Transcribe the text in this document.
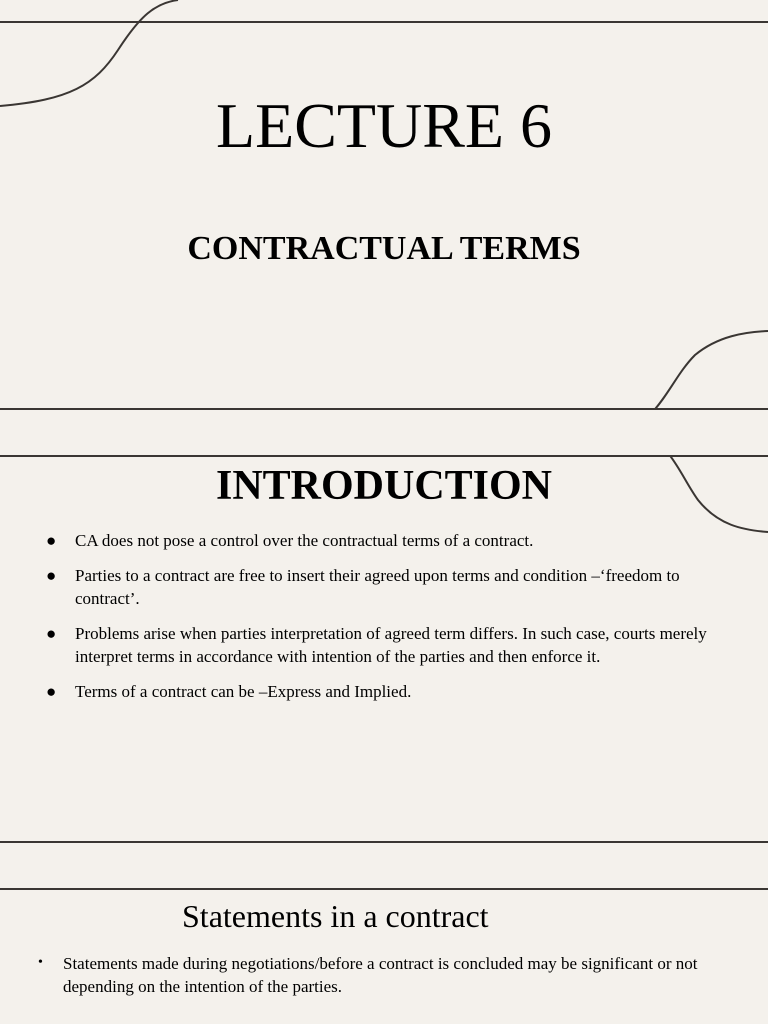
LECTURE 6
CONTRACTUAL TERMS
INTRODUCTION
● CA does not pose a control over the contractual terms of a contract.
● Parties to a contract are free to insert their agreed upon terms and condition –‘freedom to contract’.
● Problems arise when parties interpretation of agreed term differs. In such case, courts merely interpret terms in accordance with intention of the parties and then enforce it.
● Terms of a contract can be –Express and Implied.
Statements in a contract
• Statements made during negotiations/before a contract is concluded may be significant or not depending on the intention of the parties.
